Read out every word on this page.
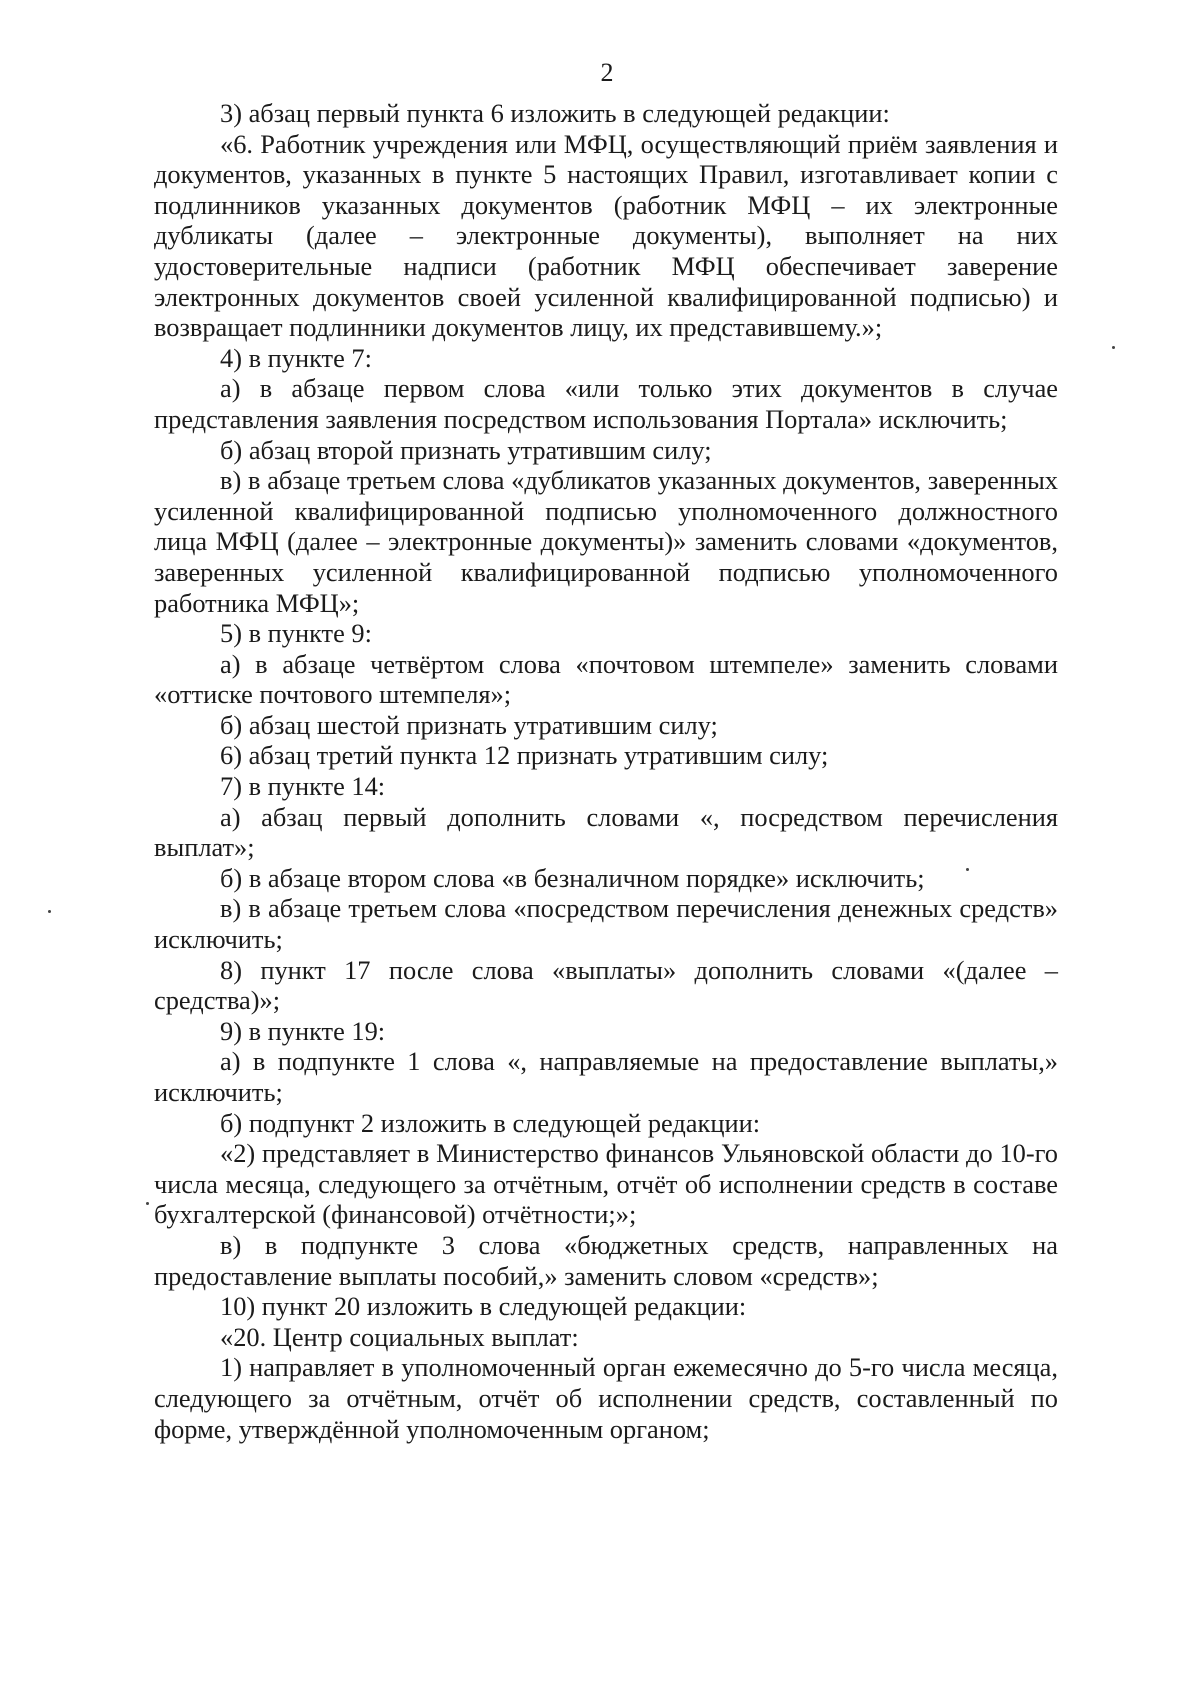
2

3) абзац первый пункта 6 изложить в следующей редакции:

«6. Работник учреждения или МФЦ, осуществляющий приём заявления и документов, указанных в пункте 5 настоящих Правил, изготавливает копии с подлинников указанных документов (работник МФЦ – их электронные дубликаты (далее – электронные документы), выполняет на них удостоверительные надписи (работник МФЦ обеспечивает заверение электронных документов своей усиленной квалифицированной подписью) и возвращает подлинники документов лицу, их представившему.»;

4) в пункте 7:

а) в абзаце первом слова «или только этих документов в случае представления заявления посредством использования Портала» исключить;

б) абзац второй признать утратившим силу;

в) в абзаце третьем слова «дубликатов указанных документов, заверенных усиленной квалифицированной подписью уполномоченного должностного лица МФЦ (далее – электронные документы)» заменить словами «документов, заверенных усиленной квалифицированной подписью уполномоченного работника МФЦ»;

5) в пункте 9:

а) в абзаце четвёртом слова «почтовом штемпеле» заменить словами «оттиске почтового штемпеля»;

б) абзац шестой признать утратившим силу;

6) абзац третий пункта 12 признать утратившим силу;

7) в пункте 14:

а) абзац первый дополнить словами «, посредством перечисления выплат»;

б) в абзаце втором слова «в безналичном порядке» исключить;

в) в абзаце третьем слова «посредством перечисления денежных средств» исключить;

8) пункт 17 после слова «выплаты» дополнить словами «(далее – средства)»;

9) в пункте 19:

а) в подпункте 1 слова «, направляемые на предоставление выплаты,» исключить;

б) подпункт 2 изложить в следующей редакции:

«2) представляет в Министерство финансов Ульяновской области до 10-го числа месяца, следующего за отчётным, отчёт об исполнении средств в составе бухгалтерской (финансовой) отчётности;»;

в) в подпункте 3 слова «бюджетных средств, направленных на предоставление выплаты пособий,» заменить словом «средств»;

10) пункт 20 изложить в следующей редакции:

«20. Центр социальных выплат:

1) направляет в уполномоченный орган ежемесячно до 5-го числа месяца, следующего за отчётным, отчёт об исполнении средств, составленный по форме, утверждённой уполномоченным органом;
